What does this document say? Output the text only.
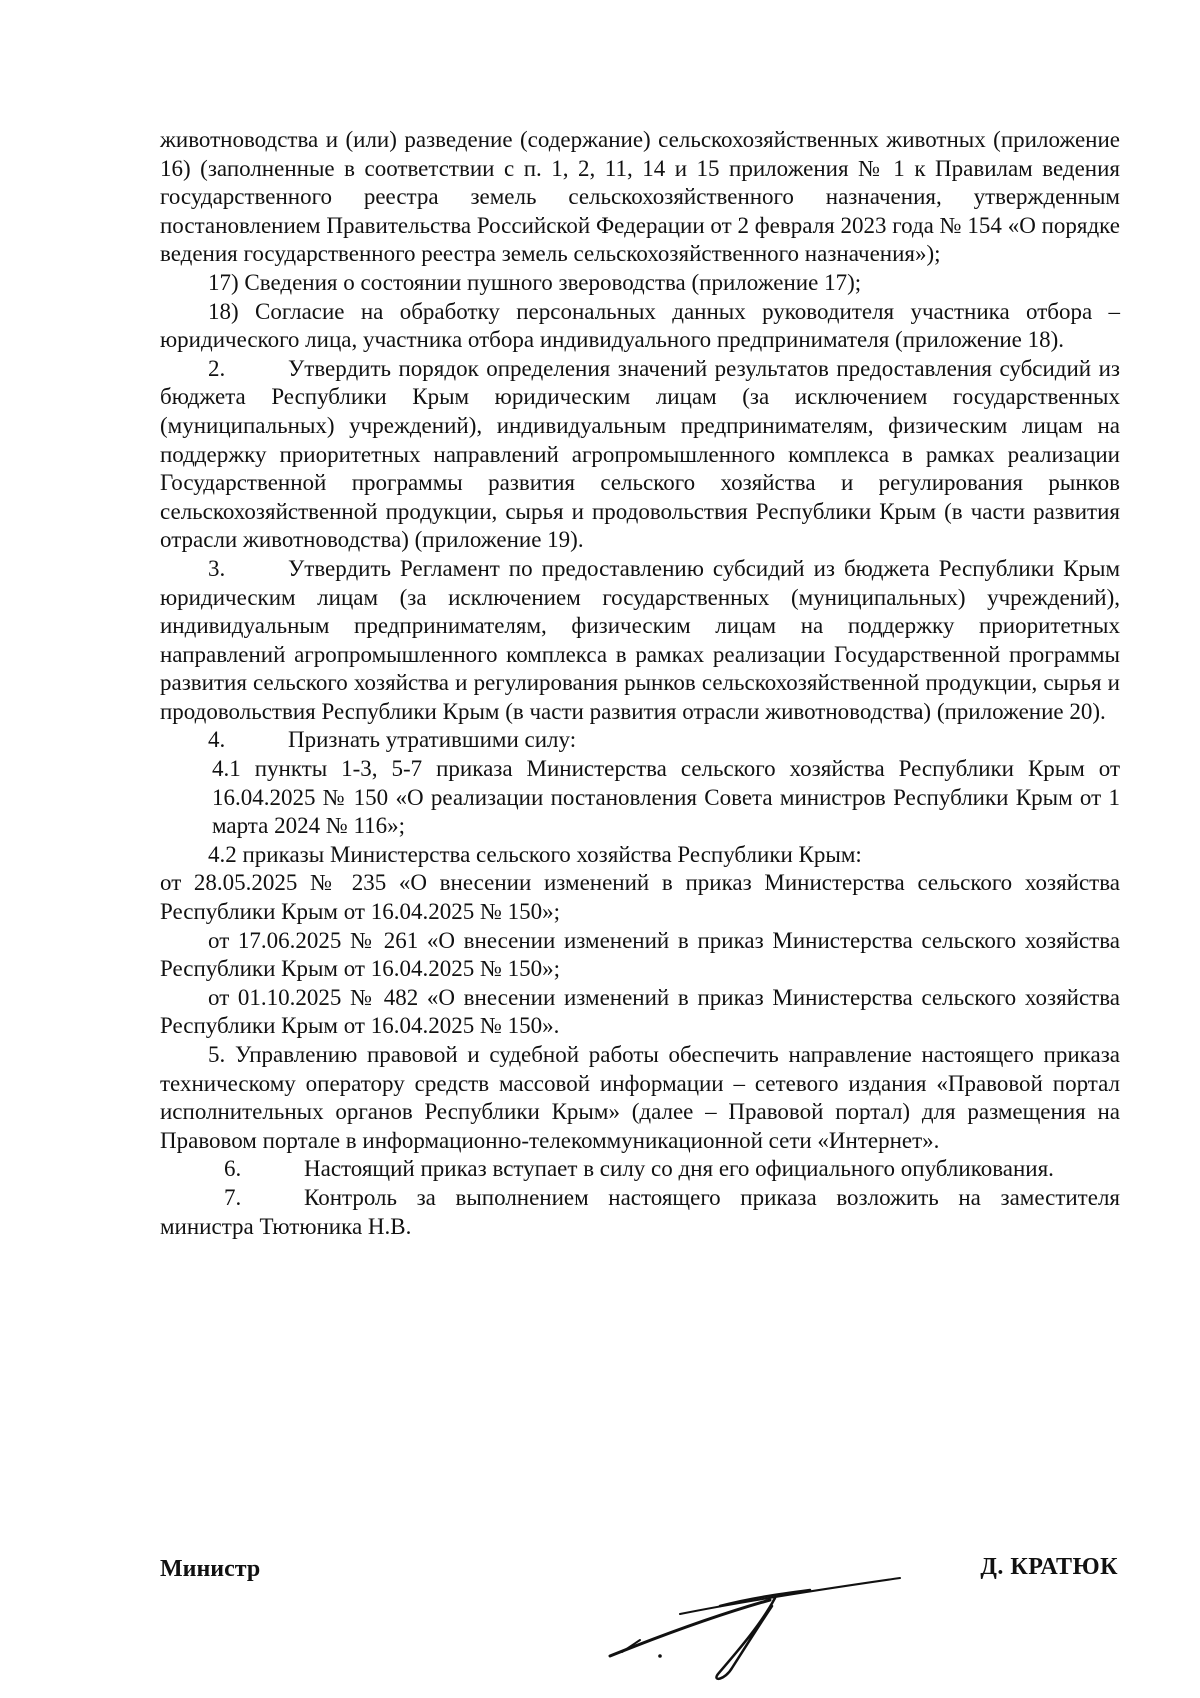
животноводства и (или) разведение (содержание) сельскохозяйственных животных (приложение 16) (заполненные в соответствии с п. 1, 2, 11, 14 и 15 приложения № 1 к Правилам ведения государственного реестра земель сельскохозяйственного назначения, утвержденным постановлением Правительства Российской Федерации от 2 февраля 2023 года № 154 «О порядке ведения государственного реестра земель сельскохозяйственного назначения»);

17) Сведения о состоянии пушного звероводства (приложение 17);

18) Согласие на обработку персональных данных руководителя участника отбора – юридического лица, участника отбора индивидуального предпринимателя (приложение 18).

2.	Утвердить порядок определения значений результатов предоставления субсидий из бюджета Республики Крым юридическим лицам (за исключением государственных (муниципальных) учреждений), индивидуальным предпринимателям, физическим лицам на поддержку приоритетных направлений агропромышленного комплекса в рамках реализации Государственной программы развития сельского хозяйства и регулирования рынков сельскохозяйственной продукции, сырья и продовольствия Республики Крым (в части развития отрасли животноводства) (приложение 19).

3.	Утвердить Регламент по предоставлению субсидий из бюджета Республики Крым юридическим лицам (за исключением государственных (муниципальных) учреждений), индивидуальным предпринимателям, физическим лицам на поддержку приоритетных направлений агропромышленного комплекса в рамках реализации Государственной программы развития сельского хозяйства и регулирования рынков сельскохозяйственной продукции, сырья и продовольствия Республики Крым (в части развития отрасли животноводства) (приложение 20).

4.	Признать утратившими силу:

4.1 пункты 1-3, 5-7 приказа Министерства сельского хозяйства Республики Крым от 16.04.2025 № 150 «О реализации постановления Совета министров Республики Крым от 1 марта 2024 № 116»;

4.2 приказы Министерства сельского хозяйства Республики Крым:

от 28.05.2025 № 235 «О внесении изменений в приказ Министерства сельского хозяйства Республики Крым от 16.04.2025 № 150»;

от 17.06.2025 № 261 «О внесении изменений в приказ Министерства сельского хозяйства Республики Крым от 16.04.2025 № 150»;

от 01.10.2025 № 482 «О внесении изменений в приказ Министерства сельского хозяйства Республики Крым от 16.04.2025 № 150».

5. Управлению правовой и судебной работы обеспечить направление настоящего приказа техническому оператору средств массовой информации – сетевого издания «Правовой портал исполнительных органов Республики Крым» (далее – Правовой портал) для размещения на Правовом портале в информационно-телекоммуникационной сети «Интернет».

6.	Настоящий приказ вступает в силу со дня его официального опубликования.

7.	Контроль за выполнением настоящего приказа возложить на заместителя министра Тютюника Н.В.

Министр	Д. КРАТЮК
